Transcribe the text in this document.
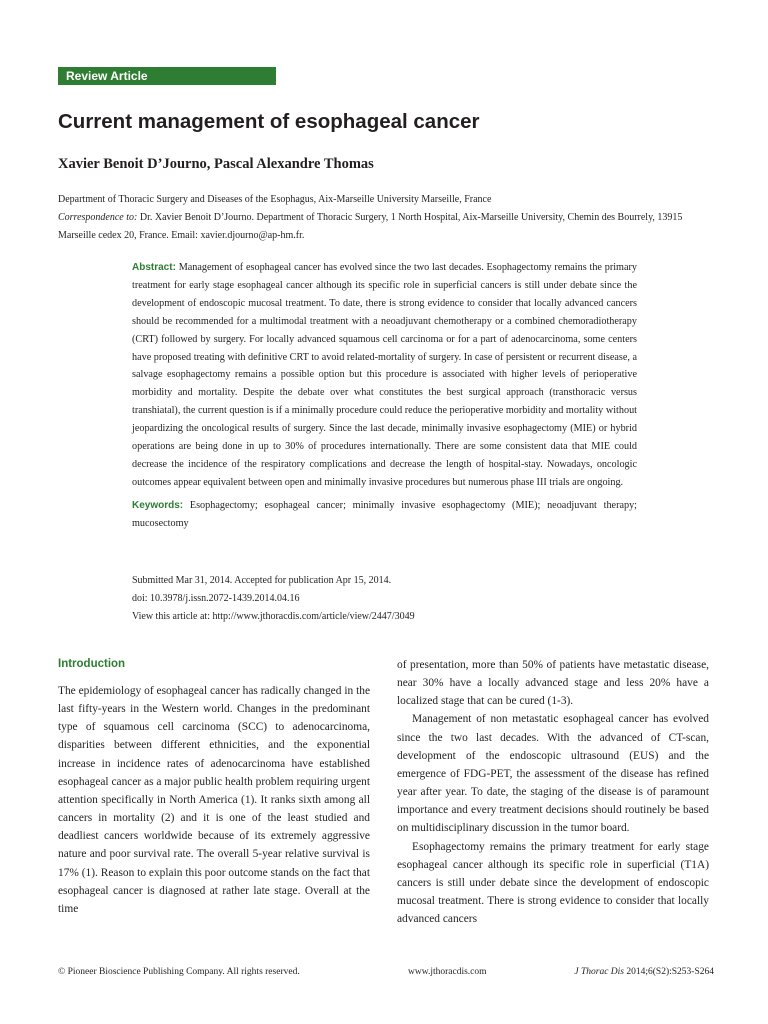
Review Article
Current management of esophageal cancer

Xavier Benoit D’Journo, Pascal Alexandre Thomas

Department of Thoracic Surgery and Diseases of the Esophagus, Aix-Marseille University Marseille, France

Correspondence to: Dr. Xavier Benoit D’Journo. Department of Thoracic Surgery, 1 North Hospital, Aix-Marseille University, Chemin des Bourrely, 13915 Marseille cedex 20, France. Email: xavier.djourno@ap-hm.fr.

Abstract: Management of esophageal cancer has evolved since the two last decades. Esophagectomy remains the primary treatment for early stage esophageal cancer although its specific role in superficial cancers is still under debate since the development of endoscopic mucosal treatment. To date, there is strong evidence to consider that locally advanced cancers should be recommended for a multimodal treatment with a neoadjuvant chemotherapy or a combined chemoradiotherapy (CRT) followed by surgery. For locally advanced squamous cell carcinoma or for a part of adenocarcinoma, some centers have proposed treating with definitive CRT to avoid related-mortality of surgery. In case of persistent or recurrent disease, a salvage esophagectomy remains a possible option but this procedure is associated with higher levels of perioperative morbidity and mortality. Despite the debate over what constitutes the best surgical approach (transthoracic versus transhiatal), the current question is if a minimally procedure could reduce the perioperative morbidity and mortality without jeopardizing the oncological results of surgery. Since the last decade, minimally invasive esophagectomy (MIE) or hybrid operations are being done in up to 30% of procedures internationally. There are some consistent data that MIE could decrease the incidence of the respiratory complications and decrease the length of hospital-stay. Nowadays, oncologic outcomes appear equivalent between open and minimally invasive procedures but numerous phase III trials are ongoing.

Keywords: Esophagectomy; esophageal cancer; minimally invasive esophagectomy (MIE); neoadjuvant therapy; mucosectomy

Submitted Mar 31, 2014. Accepted for publication Apr 15, 2014.

doi: 10.3978/j.issn.2072-1439.2014.04.16

View this article at: http://www.jthoracdis.com/article/view/2447/3049

Introduction

The epidemiology of esophageal cancer has radically changed in the last fifty-years in the Western world. Changes in the predominant type of squamous cell carcinoma (SCC) to adenocarcinoma, disparities between different ethnicities, and the exponential increase in incidence rates of adenocarcinoma have established esophageal cancer as a major public health problem requiring urgent attention specifically in North America (1). It ranks sixth among all cancers in mortality (2) and it is one of the least studied and deadliest cancers worldwide because of its extremely aggressive nature and poor survival rate. The overall 5-year relative survival is 17% (1). Reason to explain this poor outcome stands on the fact that esophageal cancer is diagnosed at rather late stage. Overall at the time

of presentation, more than 50% of patients have metastatic disease, near 30% have a locally advanced stage and less 20% have a localized stage that can be cured (1-3).

Management of non metastatic esophageal cancer has evolved since the two last decades. With the advanced of CT-scan, development of the endoscopic ultrasound (EUS) and the emergence of FDG-PET, the assessment of the disease has refined year after year. To date, the staging of the disease is of paramount importance and every treatment decisions should routinely be based on multidisciplinary discussion in the tumor board.

Esophagectomy remains the primary treatment for early stage esophageal cancer although its specific role in superficial (T1A) cancers is still under debate since the development of endoscopic mucosal treatment. There is strong evidence to consider that locally advanced cancers

© Pioneer Bioscience Publishing Company. All rights reserved.	www.jthoracdis.com	J Thorac Dis 2014;6(S2):S253-S264
